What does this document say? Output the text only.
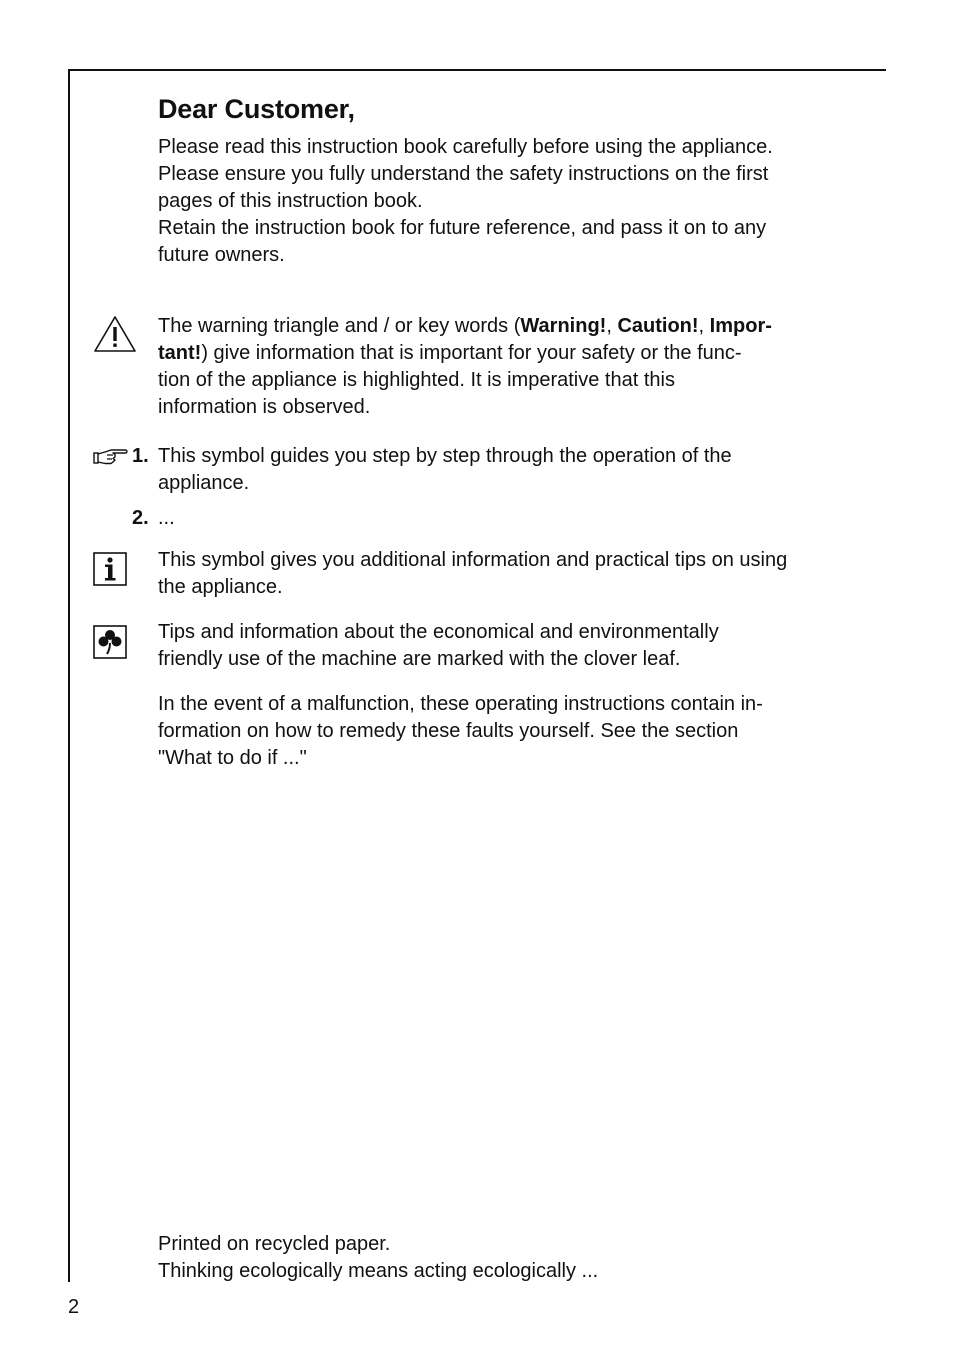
Dear Customer,
Please read this instruction book carefully before using the appliance.
Please ensure you fully understand the safety instructions on the first
pages of this instruction book.
Retain the instruction book for future reference, and pass it on to any
future owners.
The warning triangle and / or key words (Warning!, Caution!, Impor-
tant!) give information that is important for your safety or the func-
tion of the appliance is highlighted. It is imperative that this
information is observed.
1. This symbol guides you step by step through the operation of the
appliance.
2. ...
This symbol gives you additional information and practical tips on using
the appliance.
Tips and information about the economical and environmentally
friendly use of the machine are marked with the clover leaf.
In the event of a malfunction, these operating instructions contain in-
formation on how to remedy these faults yourself. See the section
"What to do if ..."
Printed on recycled paper.
Thinking ecologically means acting ecologically ...
2
